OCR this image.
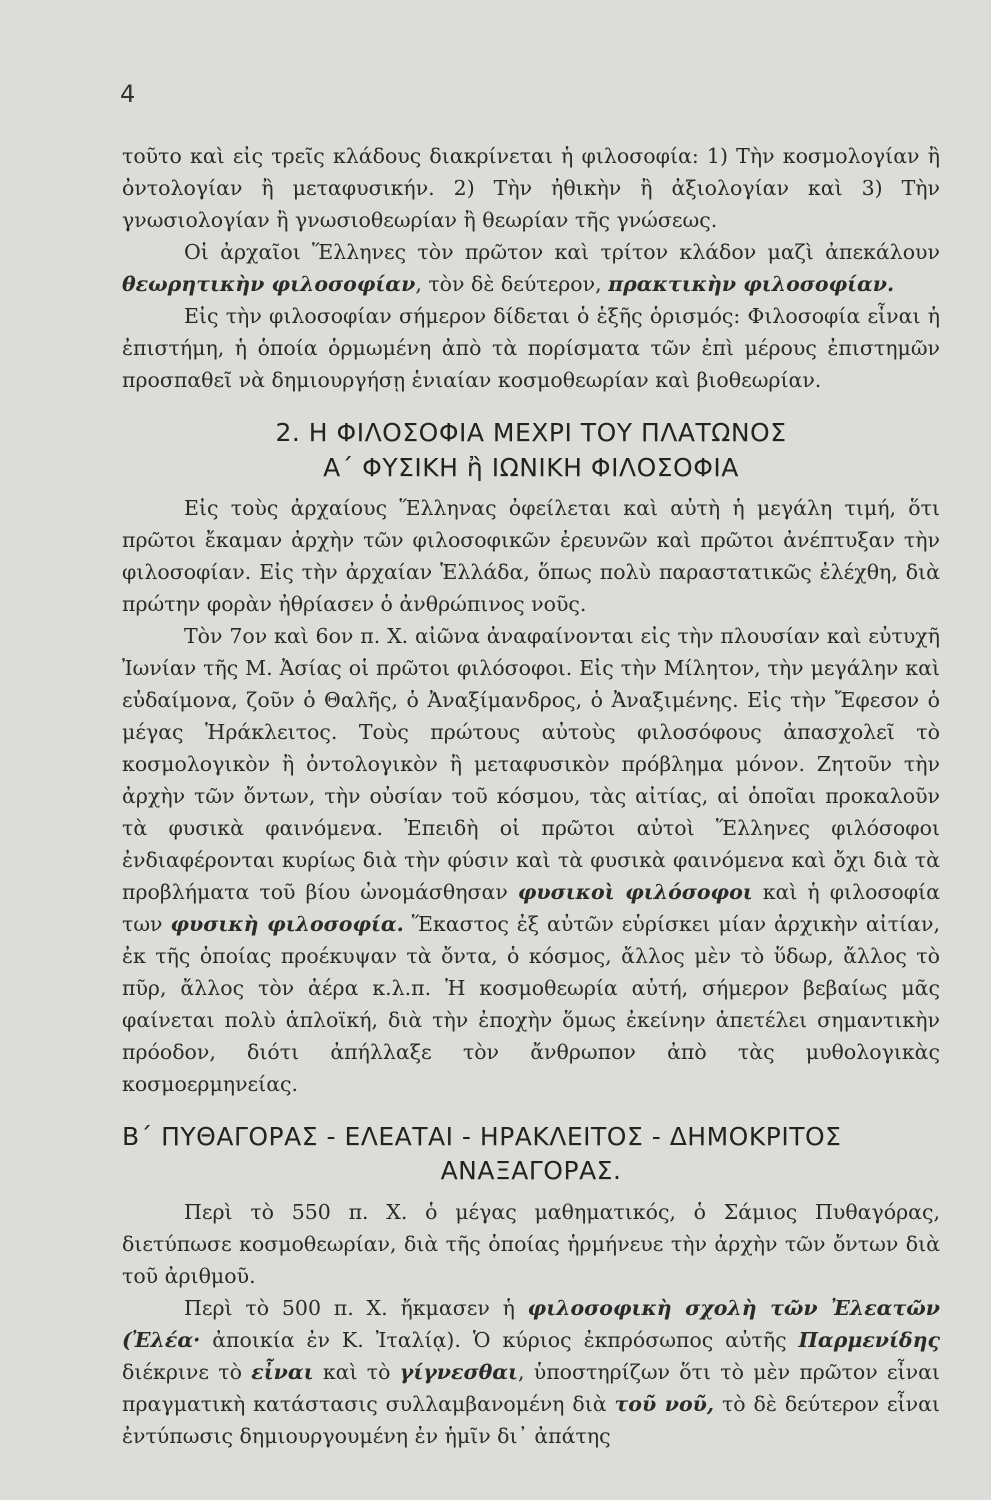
4

τοῦτο καὶ εἰς τρεῖς κλάδους διακρίνεται ἡ φιλοσοφία: 1) Τὴν κοσμολογίαν ἢ ὀντολογίαν ἢ μεταφυσικήν. 2) Τὴν ἠθικὴν ἢ ἀξιολογίαν καὶ 3) Τὴν γνωσιολογίαν ἢ γνωσιοθεωρίαν ἢ θεωρίαν τῆς γνώσεως.

Οἱ ἀρχαῖοι Ἕλληνες τὸν πρῶτον καὶ τρίτον κλάδον μαζὶ ἀπεκάλουν θεωρητικὴν φιλοσοφίαν, τὸν δὲ δεύτερον, πρακτικὴν φιλοσοφίαν.

Εἰς τὴν φιλοσοφίαν σήμερον δίδεται ὁ ἑξῆς ὁρισμός: Φιλοσοφία εἶναι ἡ ἐπιστήμη, ἡ ὁποία ὁρμωμένη ἀπὸ τὰ πορίσματα τῶν ἐπὶ μέρους ἐπιστημῶν προσπαθεῖ νὰ δημιουργήσῃ ἑνιαίαν κοσμοθεωρίαν καὶ βιοθεωρίαν.

2. Η ΦΙΛΟΣΟΦΙΑ ΜΕΧΡΙ ΤΟΥ ΠΛΑΤΩΝΟΣ
Α΄ ΦΥΣΙΚΗ ἢ ΙΩΝΙΚΗ ΦΙΛΟΣΟΦΙΑ

Εἰς τοὺς ἀρχαίους Ἕλληνας ὀφείλεται καὶ αὐτὴ ἡ μεγάλη τιμή, ὅτι πρῶτοι ἔκαμαν ἀρχὴν τῶν φιλοσοφικῶν ἐρευνῶν καὶ πρῶτοι ἀνέπτυξαν τὴν φιλοσοφίαν. Εἰς τὴν ἀρχαίαν Ἑλλάδα, ὅπως πολὺ παραστατικῶς ἐλέχθη, διὰ πρώτην φορὰν ἠθρίασεν ὁ ἀνθρώπινος νοῦς.

Τὸν 7ον καὶ 6ον π. Χ. αἰῶνα ἀναφαίνονται εἰς τὴν πλουσίαν καὶ εὐτυχῆ Ἰωνίαν τῆς Μ. Ἀσίας οἱ πρῶτοι φιλόσοφοι. Εἰς τὴν Μίλητον, τὴν μεγάλην καὶ εὐδαίμονα, ζοῦν ὁ Θαλῆς, ὁ Ἀναξίμανδρος, ὁ Ἀναξιμένης. Εἰς τὴν Ἔφεσον ὁ μέγας Ἡράκλειτος. Τοὺς πρώτους αὐτοὺς φιλοσόφους ἀπασχολεῖ τὸ κοσμολογικὸν ἢ ὀντολογικὸν ἢ μεταφυσικὸν πρόβλημα μόνον. Ζητοῦν τὴν ἀρχὴν τῶν ὄντων, τὴν οὐσίαν τοῦ κόσμου, τὰς αἰτίας, αἱ ὁποῖαι προκαλοῦν τὰ φυσικὰ φαινόμενα. Ἐπειδὴ οἱ πρῶτοι αὐτοὶ Ἕλληνες φιλόσοφοι ἐνδιαφέρονται κυρίως διὰ τὴν φύσιν καὶ τὰ φυσικὰ φαινόμενα καὶ ὄχι διὰ τὰ προβλήματα τοῦ βίου ὠνομάσθησαν φυσικοὶ φιλόσοφοι καὶ ἡ φιλοσοφία των φυσικὴ φιλοσοφία. Ἕκαστος ἐξ αὐτῶν εὑρίσκει μίαν ἀρχικὴν αἰτίαν, ἐκ τῆς ὁποίας προέκυψαν τὰ ὄντα, ὁ κόσμος, ἄλλος μὲν τὸ ὕδωρ, ἄλλος τὸ πῦρ, ἄλλος τὸν ἀέρα κ.λ.π. Ἡ κοσμοθεωρία αὐτή, σήμερον βεβαίως μᾶς φαίνεται πολὺ ἁπλοϊκή, διὰ τὴν ἐποχὴν ὅμως ἐκείνην ἀπετέλει σημαντικὴν πρόοδον, διότι ἀπήλλαξε τὸν ἄνθρωπον ἀπὸ τὰς μυθολογικὰς κοσμοερμηνείας.

Β΄ ΠΥΘΑΓΟΡΑΣ - ΕΛΕΑΤΑΙ - ΗΡΑΚΛΕΙΤΟΣ - ΔΗΜΟΚΡΙΤΟΣ
ΑΝΑΞΑΓΟΡΑΣ.

Περὶ τὸ 550 π. Χ. ὁ μέγας μαθηματικός, ὁ Σάμιος Πυθαγόρας, διετύπωσε κοσμοθεωρίαν, διὰ τῆς ὁποίας ἡρμήνευε τὴν ἀρχὴν τῶν ὄντων διὰ τοῦ ἀριθμοῦ.

Περὶ τὸ 500 π. Χ. ἤκμασεν ἡ φιλοσοφικὴ σχολὴ τῶν Ἐλεατῶν (Ἐλέα· ἀποικία ἐν Κ. Ἰταλίᾳ). Ὁ κύριος ἐκπρόσωπος αὐτῆς Παρμενίδης διέκρινε τὸ εἶναι καὶ τὸ γίγνεσθαι, ὑποστηρίζων ὅτι τὸ μὲν πρῶτον εἶναι πραγματικὴ κατάστασις συλλαμβανομένη διὰ τοῦ νοῦ, τὸ δὲ δεύτερον εἶναι ἐντύπωσις δημιουργουμένη ἐν ἡμῖν δι᾽ ἀπάτης
